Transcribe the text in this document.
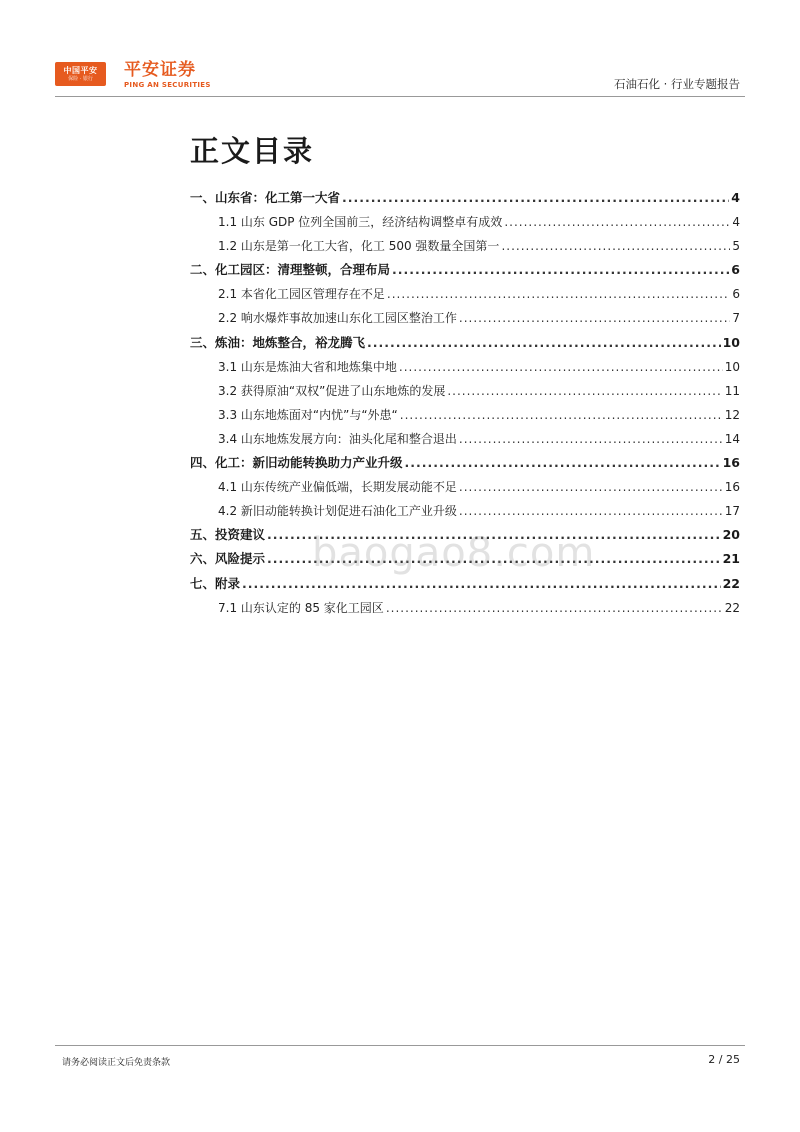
中国平安
保险 · 银行 平安证券
PING AN SECURITIES	石油石化 · 行业专题报告
正文目录
一、 山东省：化工第一大省 .....	4
1.1 山东 GDP 位列全国前三，经济结构调整卓有成效 .....	4
1.2 山东是第一化工大省，化工 500 强数量全国第一 .....	5
二、 化工园区：清理整顿，合理布局 .....	6
2.1 本省化工园区管理存在不足 .....	6
2.2 响水爆炸事故加速山东化工园区整治工作 .....	7
三、 炼油：地炼整合，裕龙腾飞 .....	10
3.1 山东是炼油大省和地炼集中地 .....	10
3.2 获得原油“双权”促进了山东地炼的发展 .....	11
3.3 山东地炼面对“内忧”与“外患“ .....	12
3.4 山东地炼发展方向：油头化尾和整合退出 .....	14
四、 化工：新旧动能转换助力产业升级 .....	16
4.1 山东传统产业偏低端，长期发展动能不足 .....	16
4.2 新旧动能转换计划促进石油化工产业升级 .....	17
五、 投资建议 .....	20
六、 风险提示 .....	21
七、 附录 .....	22
7.1 山东认定的 85 家化工园区 .....	22
baogao8.com
请务必阅读正文后免责条款	2 / 25
